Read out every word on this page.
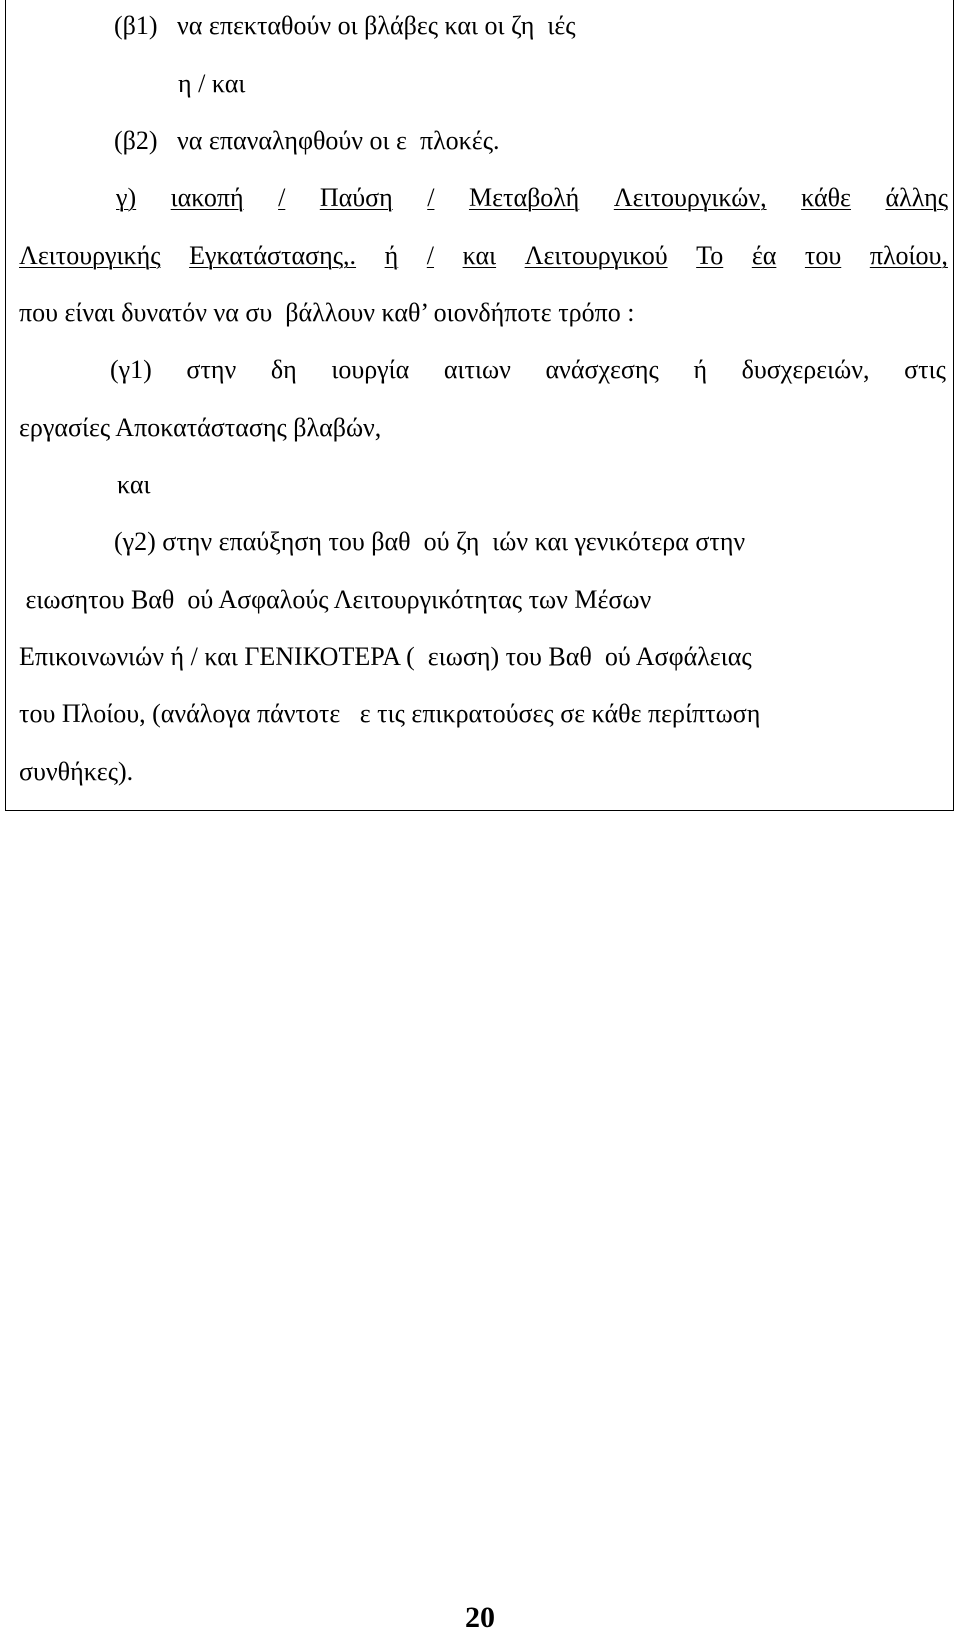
(β1)   να επεκταθούν οι βλάβες και οι ζη  ιές
η / και
(β2)   να επαναληφθούν οι ε  πλοκές.
γ) ιακοπή / Παύση / Μεταβολή Λειτουργικών, κάθε άλλης
Λειτουργικής Εγκατάστασης,. ή / και Λειτουργικού Το έα του πλοίου,
που είναι δυνατόν να συ  βάλλουν καθ’ οιονδήποτε τρόπο :
(γ1) στην δη ιουργία αιτιων ανάσχεσης ή δυσχερειών, στις
εργασίες Αποκατάστασης βλαβών,
και
(γ2) στην επαύξηση του βαθ  ού ζη  ιών και γενικότερα στην
ειωσητου Βαθ  ού Ασφαλούς Λειτουργικότητας των Μέσων
Επικοινωνιών ή / και ΓΕΝΙΚΟΤΕΡΑ (  ειωση) του Βαθ  ού Ασφάλειας
του Πλοίου, (ανάλογα πάντοτε   ε τις επικρατούσες σε κάθε περίπτωση
συνθήκες).
20
